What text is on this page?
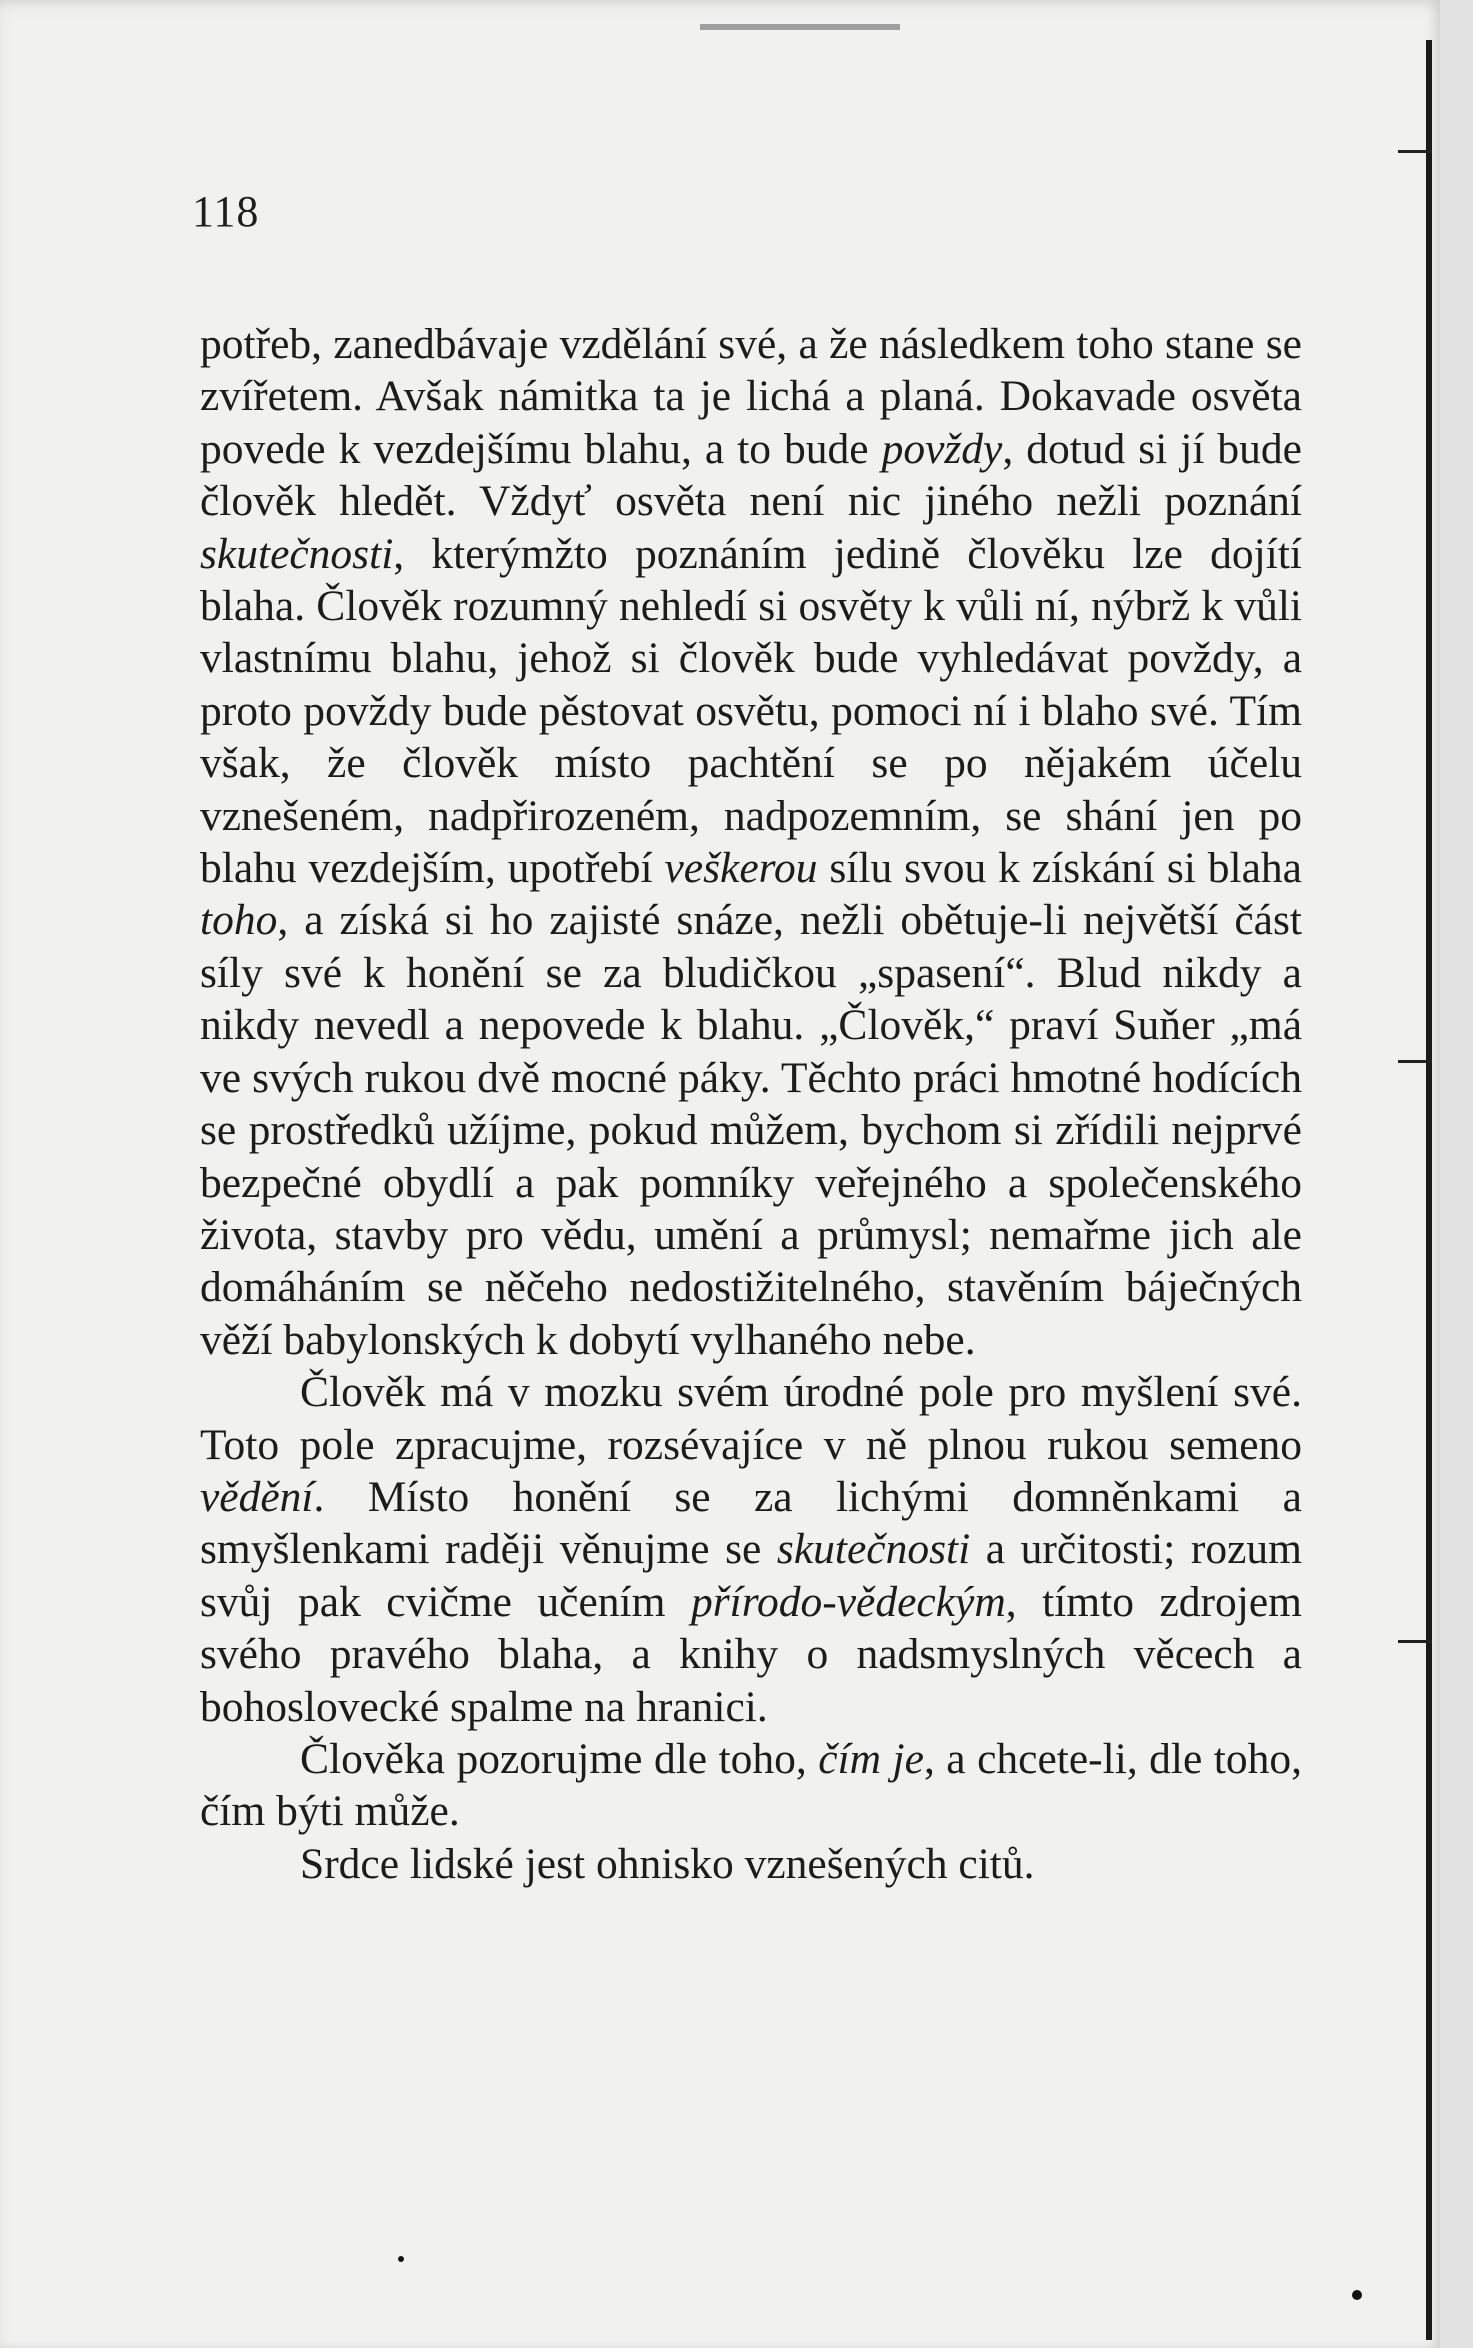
118

potřeb, zanedbávaje vzdělání své, a že následkem toho stane se zvířetem. Avšak námitka ta je lichá a planá. Dokavade osvěta povede k vezdejšímu blahu, a to bude povždy, dotud si jí bude člověk hledět. Vždyť osvěta není nic jiného nežli poznání skutečnosti, kterýmžto poznáním jedině člověku lze dojítí blaha. Člověk rozumný nehledí si osvěty k vůli ní, nýbrž k vůli vlastnímu blahu, jehož si člověk bude vyhledávat povždy, a proto povždy bude pěstovat osvětu, pomoci ní i blaho své. Tím však, že člověk místo pachtění se po nějakém účelu vznešeném, nadpřirozeném, nadpozemním, se shání jen po blahu vezdejším, upotřebí veškerou sílu svou k získání si blaha toho, a získá si ho zajisté snáze, nežli obětuje-li největší část síly své k honění se za bludičkou „spasení“. Blud nikdy a nikdy nevedl a nepovede k blahu. „Člověk,“ praví Suňer „má ve svých rukou dvě mocné páky. Těchto práci hmotné hodících se prostředků užíjme, pokud můžem, bychom si zřídili nejprvé bezpečné obydlí a pak pomníky veřejného a společenského života, stavby pro vědu, umění a průmysl; nemařme jich ale domáháním se něčeho nedostižitelného, stavěním báječných věží babylonských k dobytí vylhaného nebe.

Člověk má v mozku svém úrodné pole pro myšlení své. Toto pole zpracujme, rozsévajíce v ně plnou rukou semeno vědění. Místo honění se za lichými domněnkami a smyšlenkami raději věnujme se skutečnosti a určitosti; rozum svůj pak cvičme učením přírodo-vědeckým, tímto zdrojem svého pravého blaha, a knihy o nadsmyslných věcech a bohoslovecké spalme na hranici.

Člověka pozorujme dle toho, čím je, a chcete-li, dle toho, čím býti může.

Srdce lidské jest ohnisko vznešených citů.
